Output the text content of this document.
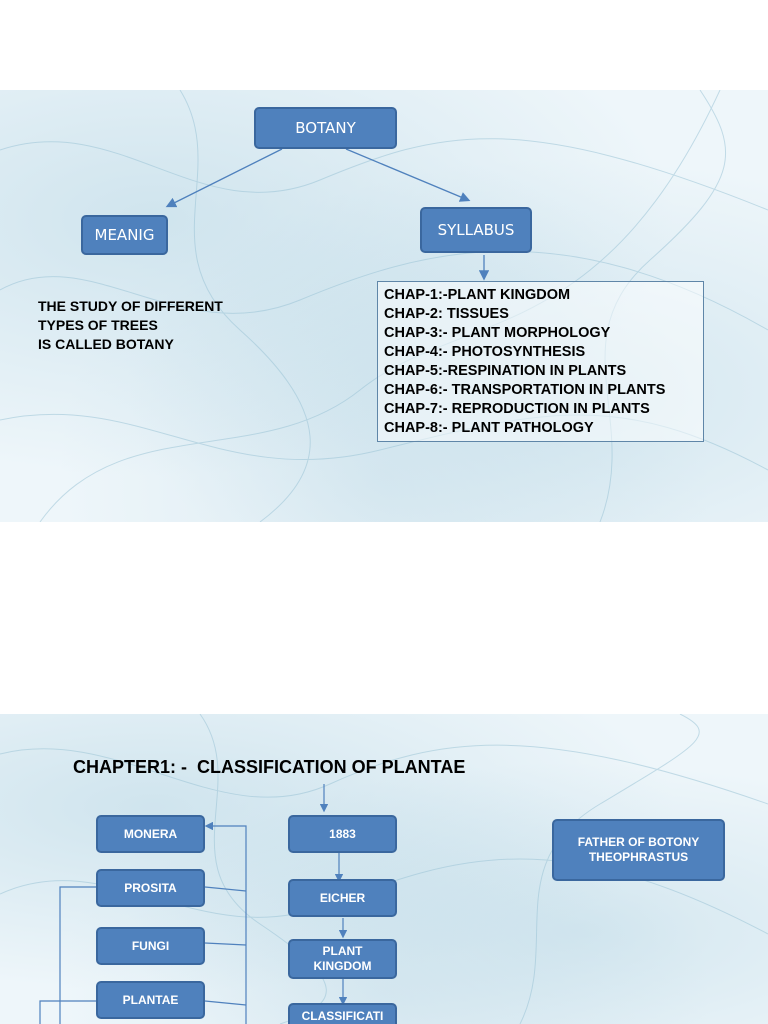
BOTANY
MEANIG	SYLLABUS
THE STUDY OF DIFFERENT
TYPES OF TREES
IS CALLED BOTANY
CHAP-1:-PLANT KINGDOM
CHAP-2: TISSUES
CHAP-3:- PLANT MORPHOLOGY
CHAP-4:- PHOTOSYNTHESIS
CHAP-5:-RESPINATION IN PLANTS
CHAP-6:- TRANSPORTATION IN PLANTS
CHAP-7:- REPRODUCTION IN PLANTS
CHAP-8:- PLANT PATHOLOGY
CHAPTER1: -  CLASSIFICATION OF PLANTAE
MONERA
PROSITA
FUNGI
PLANTAE
1883
EICHER
PLANT
KINGDOM
CLASSIFICATI
FATHER OF BOTONY
THEOPHRASTUS
